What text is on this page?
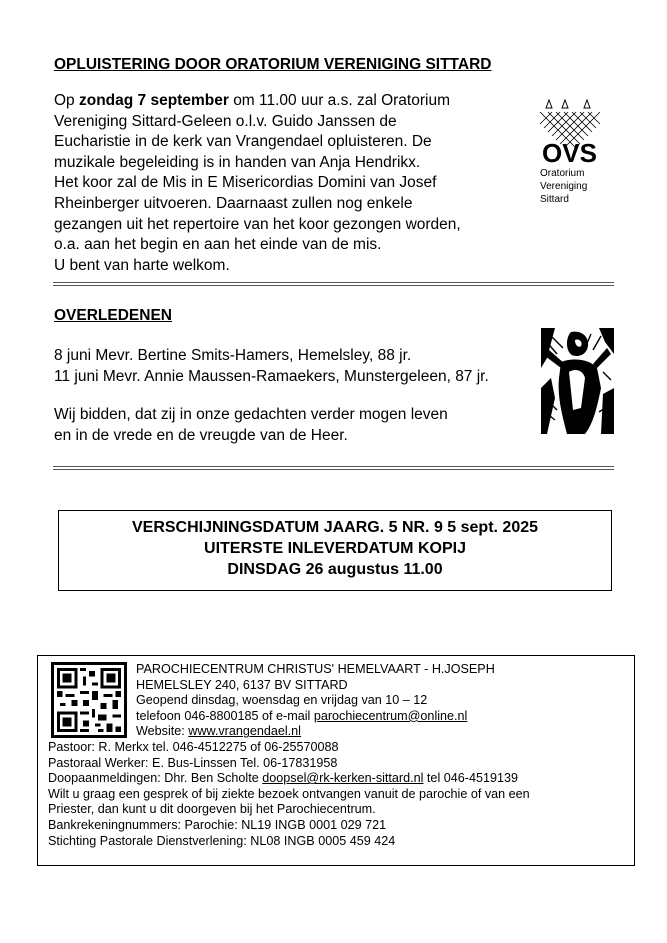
OPLUISTERING DOOR ORATORIUM VERENIGING SITTARD
Op zondag 7 september om 11.00 uur a.s. zal Oratorium
Vereniging Sittard-Geleen o.l.v. Guido Janssen de
Eucharistie in de kerk van Vrangendael opluisteren. De
muzikale begeleiding is in handen van Anja Hendrikx.
Het koor zal de Mis in E Misericordias Domini van Josef
Rheinberger uitvoeren. Daarnaast zullen nog enkele
gezangen uit het repertoire van het koor gezongen worden,
o.a. aan het begin en aan het einde van de mis.
U bent van harte welkom.
OVS
Oratorium
Vereniging
Sittard
OVERLEDENEN
8 juni Mevr. Bertine Smits-Hamers, Hemelsley, 88 jr.
11 juni Mevr. Annie Maussen-Ramaekers, Munstergeleen, 87 jr.
Wij bidden, dat zij in onze gedachten verder mogen leven
en in de vrede en de vreugde van de Heer.
VERSCHIJNINGSDATUM JAARG. 5 NR. 9 5 sept. 2025
UITERSTE INLEVERDATUM KOPIJ
DINSDAG 26 augustus 11.00
PAROCHIECENTRUM CHRISTUS' HEMELVAART - H.JOSEPH
HEMELSLEY 240, 6137 BV SITTARD
Geopend dinsdag, woensdag en vrijdag van 10 – 12
telefoon 046-8800185 of e-mail parochiecentrum@online.nl
Website: www.vrangendael.nl
Pastoor: R. Merkx tel. 046-4512275 of 06-25570088
Pastoraal Werker: E. Bus-Linssen Tel. 06-17831958
Doopaanmeldingen: Dhr. Ben Scholte doopsel@rk-kerken-sittard.nl tel 046-4519139
Wilt u graag een gesprek of bij ziekte bezoek ontvangen vanuit de parochie of van een
Priester, dan kunt u dit doorgeven bij het Parochiecentrum.
Bankrekeningnummers: Parochie: NL19 INGB 0001 029 721
Stichting Pastorale Dienstverlening: NL08 INGB 0005 459 424
